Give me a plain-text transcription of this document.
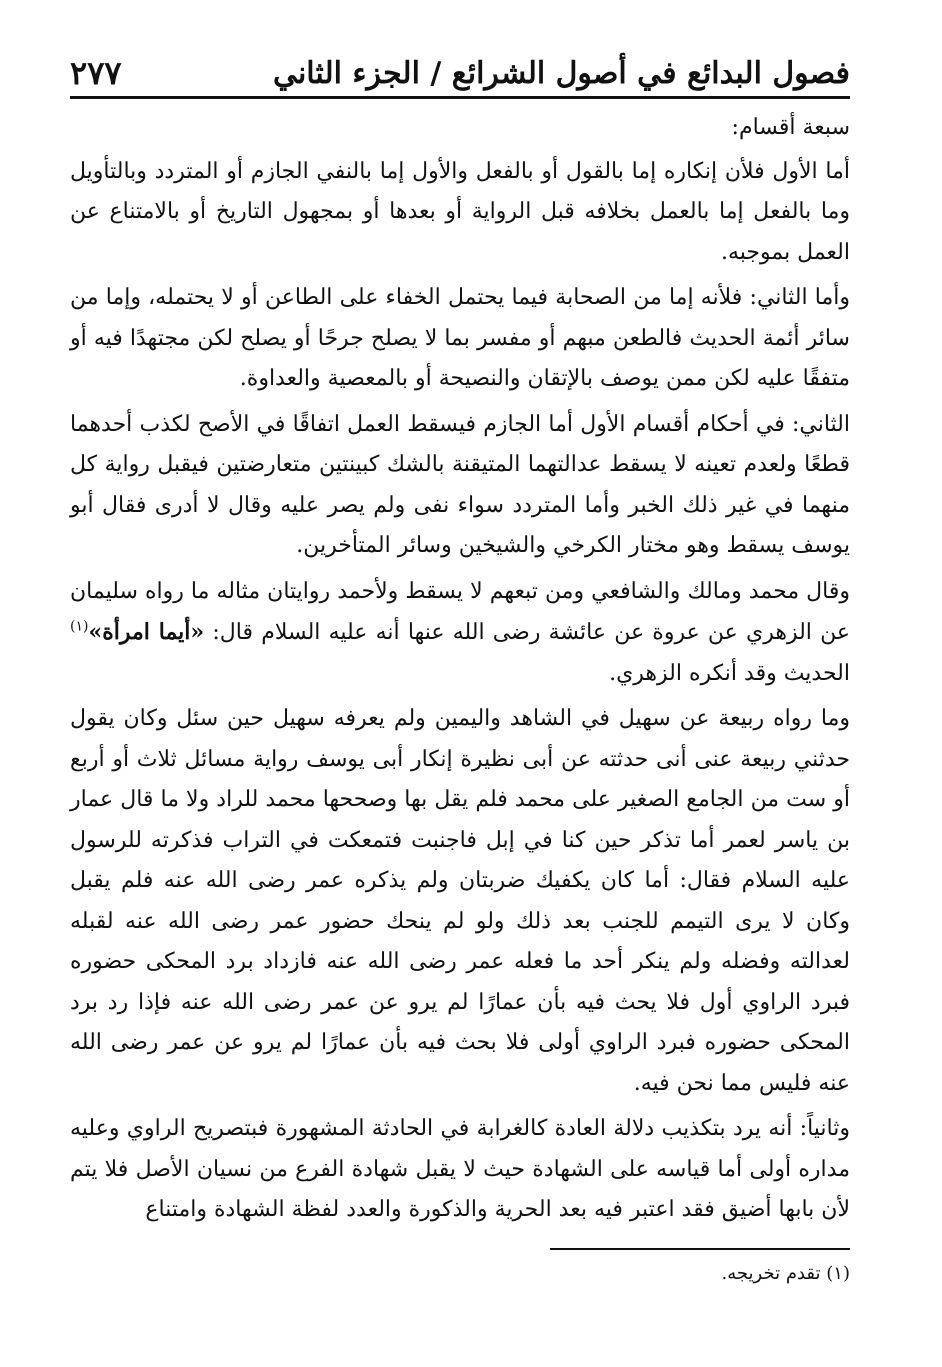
فصول البدائع في أصول الشرائع / الجزء الثاني
٢٧٧

سبعة أقسام:

أما الأول فلأن إنكاره إما بالقول أو بالفعل والأول إما بالنفي الجازم أو المتردد وبالتأويل وما بالفعل إما بالعمل بخلافه قبل الرواية أو بعدها أو بمجهول التاريخ أو بالامتناع عن العمل بموجبه.

وأما الثاني: فلأنه إما من الصحابة فيما يحتمل الخفاء على الطاعن أو لا يحتمله، وإما من سائر أئمة الحديث فالطعن مبهم أو مفسر بما لا يصلح جرحًا أو يصلح لكن مجتهدًا فيه أو متفقًا عليه لكن ممن يوصف بالإتقان والنصيحة أو بالمعصية والعداوة.

الثاني: في أحكام أقسام الأول أما الجازم فيسقط العمل اتفاقًا في الأصح لكذب أحدهما قطعًا ولعدم تعينه لا يسقط عدالتهما المتيقنة بالشك كبينتين متعارضتين فيقبل رواية كل منهما في غير ذلك الخبر وأما المتردد سواء نفى ولم يصر عليه وقال لا أدرى فقال أبو يوسف يسقط وهو مختار الكرخي والشيخين وسائر المتأخرين.

وقال محمد ومالك والشافعي ومن تبعهم لا يسقط ولأحمد روايتان مثاله ما رواه سليمان عن الزهري عن عروة عن عائشة رضى الله عنها أنه عليه السلام قال: «أيما امرأة»$^{(١)}$ الحديث وقد أنكره الزهري.

وما رواه ربيعة عن سهيل في الشاهد واليمين ولم يعرفه سهيل حين سئل وكان يقول حدثني ربيعة عنى أنى حدثته عن أبى نظيرة إنكار أبى يوسف رواية مسائل ثلاث أو أربع أو ست من الجامع الصغير على محمد فلم يقل بها وصححها محمد للراد ولا ما قال عمار بن ياسر لعمر أما تذكر حين كنا في إبل فاجنبت فتمعكت في التراب فذكرته للرسول عليه السلام فقال: أما كان يكفيك ضربتان ولم يذكره عمر رضى الله عنه فلم يقبل وكان لا يرى التيمم للجنب بعد ذلك ولو لم ينحك حضور عمر رضى الله عنه لقبله لعدالته وفضله ولم ينكر أحد ما فعله عمر رضى الله عنه فازداد برد المحكى حضوره فبرد الراوي أول فلا يحث فيه بأن عمارًا لم يرو عن عمر رضى الله عنه فإذا رد برد المحكى حضوره فبرد الراوي أولى فلا بحث فيه بأن عمارًا لم يرو عن عمر رضى الله عنه فليس مما نحن فيه.

وثانياً: أنه يرد بتكذيب دلالة العادة كالغرابة في الحادثة المشهورة فبتصريح الراوي وعليه مداره أولى أما قياسه على الشهادة حيث لا يقبل شهادة الفرع من نسيان الأصل فلا يتم لأن بابها أضيق فقد اعتبر فيه بعد الحرية والذكورة والعدد لفظة الشهادة وامتناع

(١) تقدم تخريجه.
